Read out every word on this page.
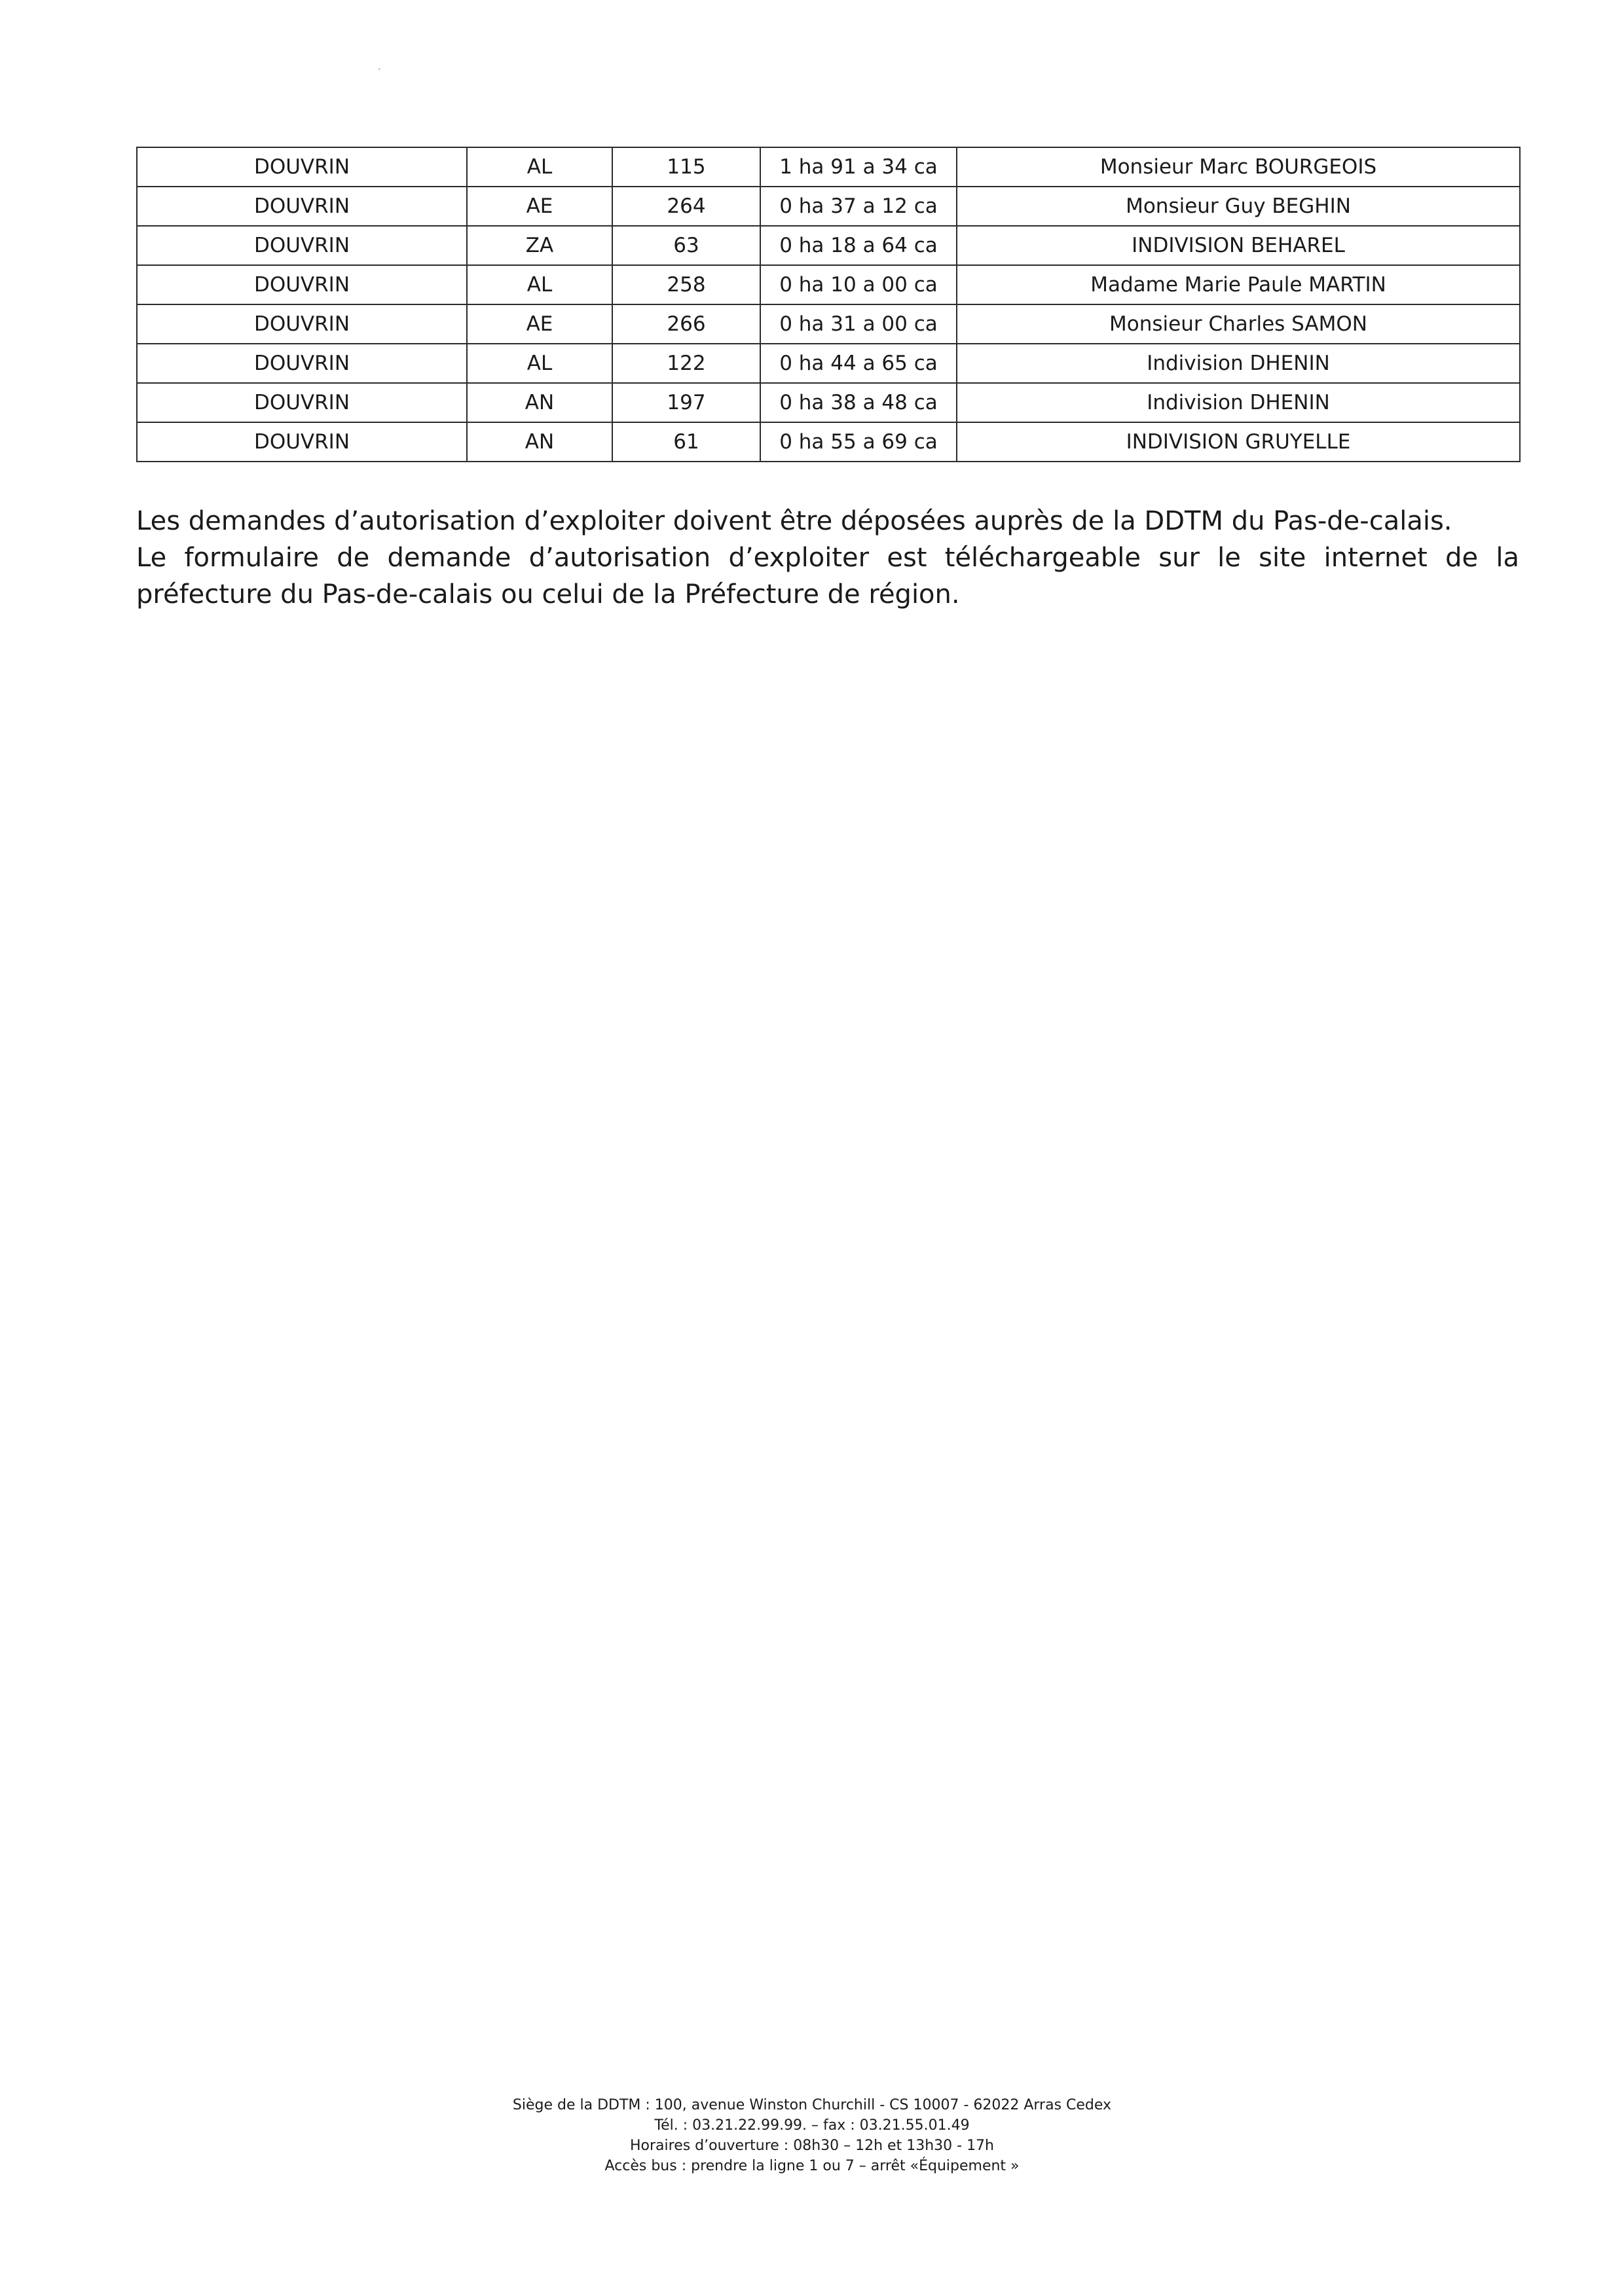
DOUVRIN	AL	115	1 ha 91 a 34 ca	Monsieur Marc BOURGEOIS
DOUVRIN	AE	264	0 ha 37 a 12 ca	Monsieur Guy BEGHIN
DOUVRIN	ZA	63	0 ha 18 a 64 ca	INDIVISION BEHAREL
DOUVRIN	AL	258	0 ha 10 a 00 ca	Madame Marie Paule MARTIN
DOUVRIN	AE	266	0 ha 31 a 00 ca	Monsieur Charles SAMON
DOUVRIN	AL	122	0 ha 44 a 65 ca	Indivision DHENIN
DOUVRIN	AN	197	0 ha 38 a 48 ca	Indivision DHENIN
DOUVRIN	AN	61	0 ha 55 a 69 ca	INDIVISION GRUYELLE

Les demandes d’autorisation d’exploiter doivent être déposées auprès de la DDTM du Pas-de-calais.

Le formulaire de demande d’autorisation d’exploiter est téléchargeable sur le site internet de la préfecture du Pas-de-calais ou celui de la Préfecture de région.

Siège de la DDTM : 100, avenue Winston Churchill - CS 10007 - 62022 Arras Cedex
Tél. : 03.21.22.99.99. – fax : 03.21.55.01.49
Horaires d’ouverture : 08h30 – 12h et 13h30 - 17h
Accès bus : prendre la ligne 1 ou 7 – arrêt «Équipement »
